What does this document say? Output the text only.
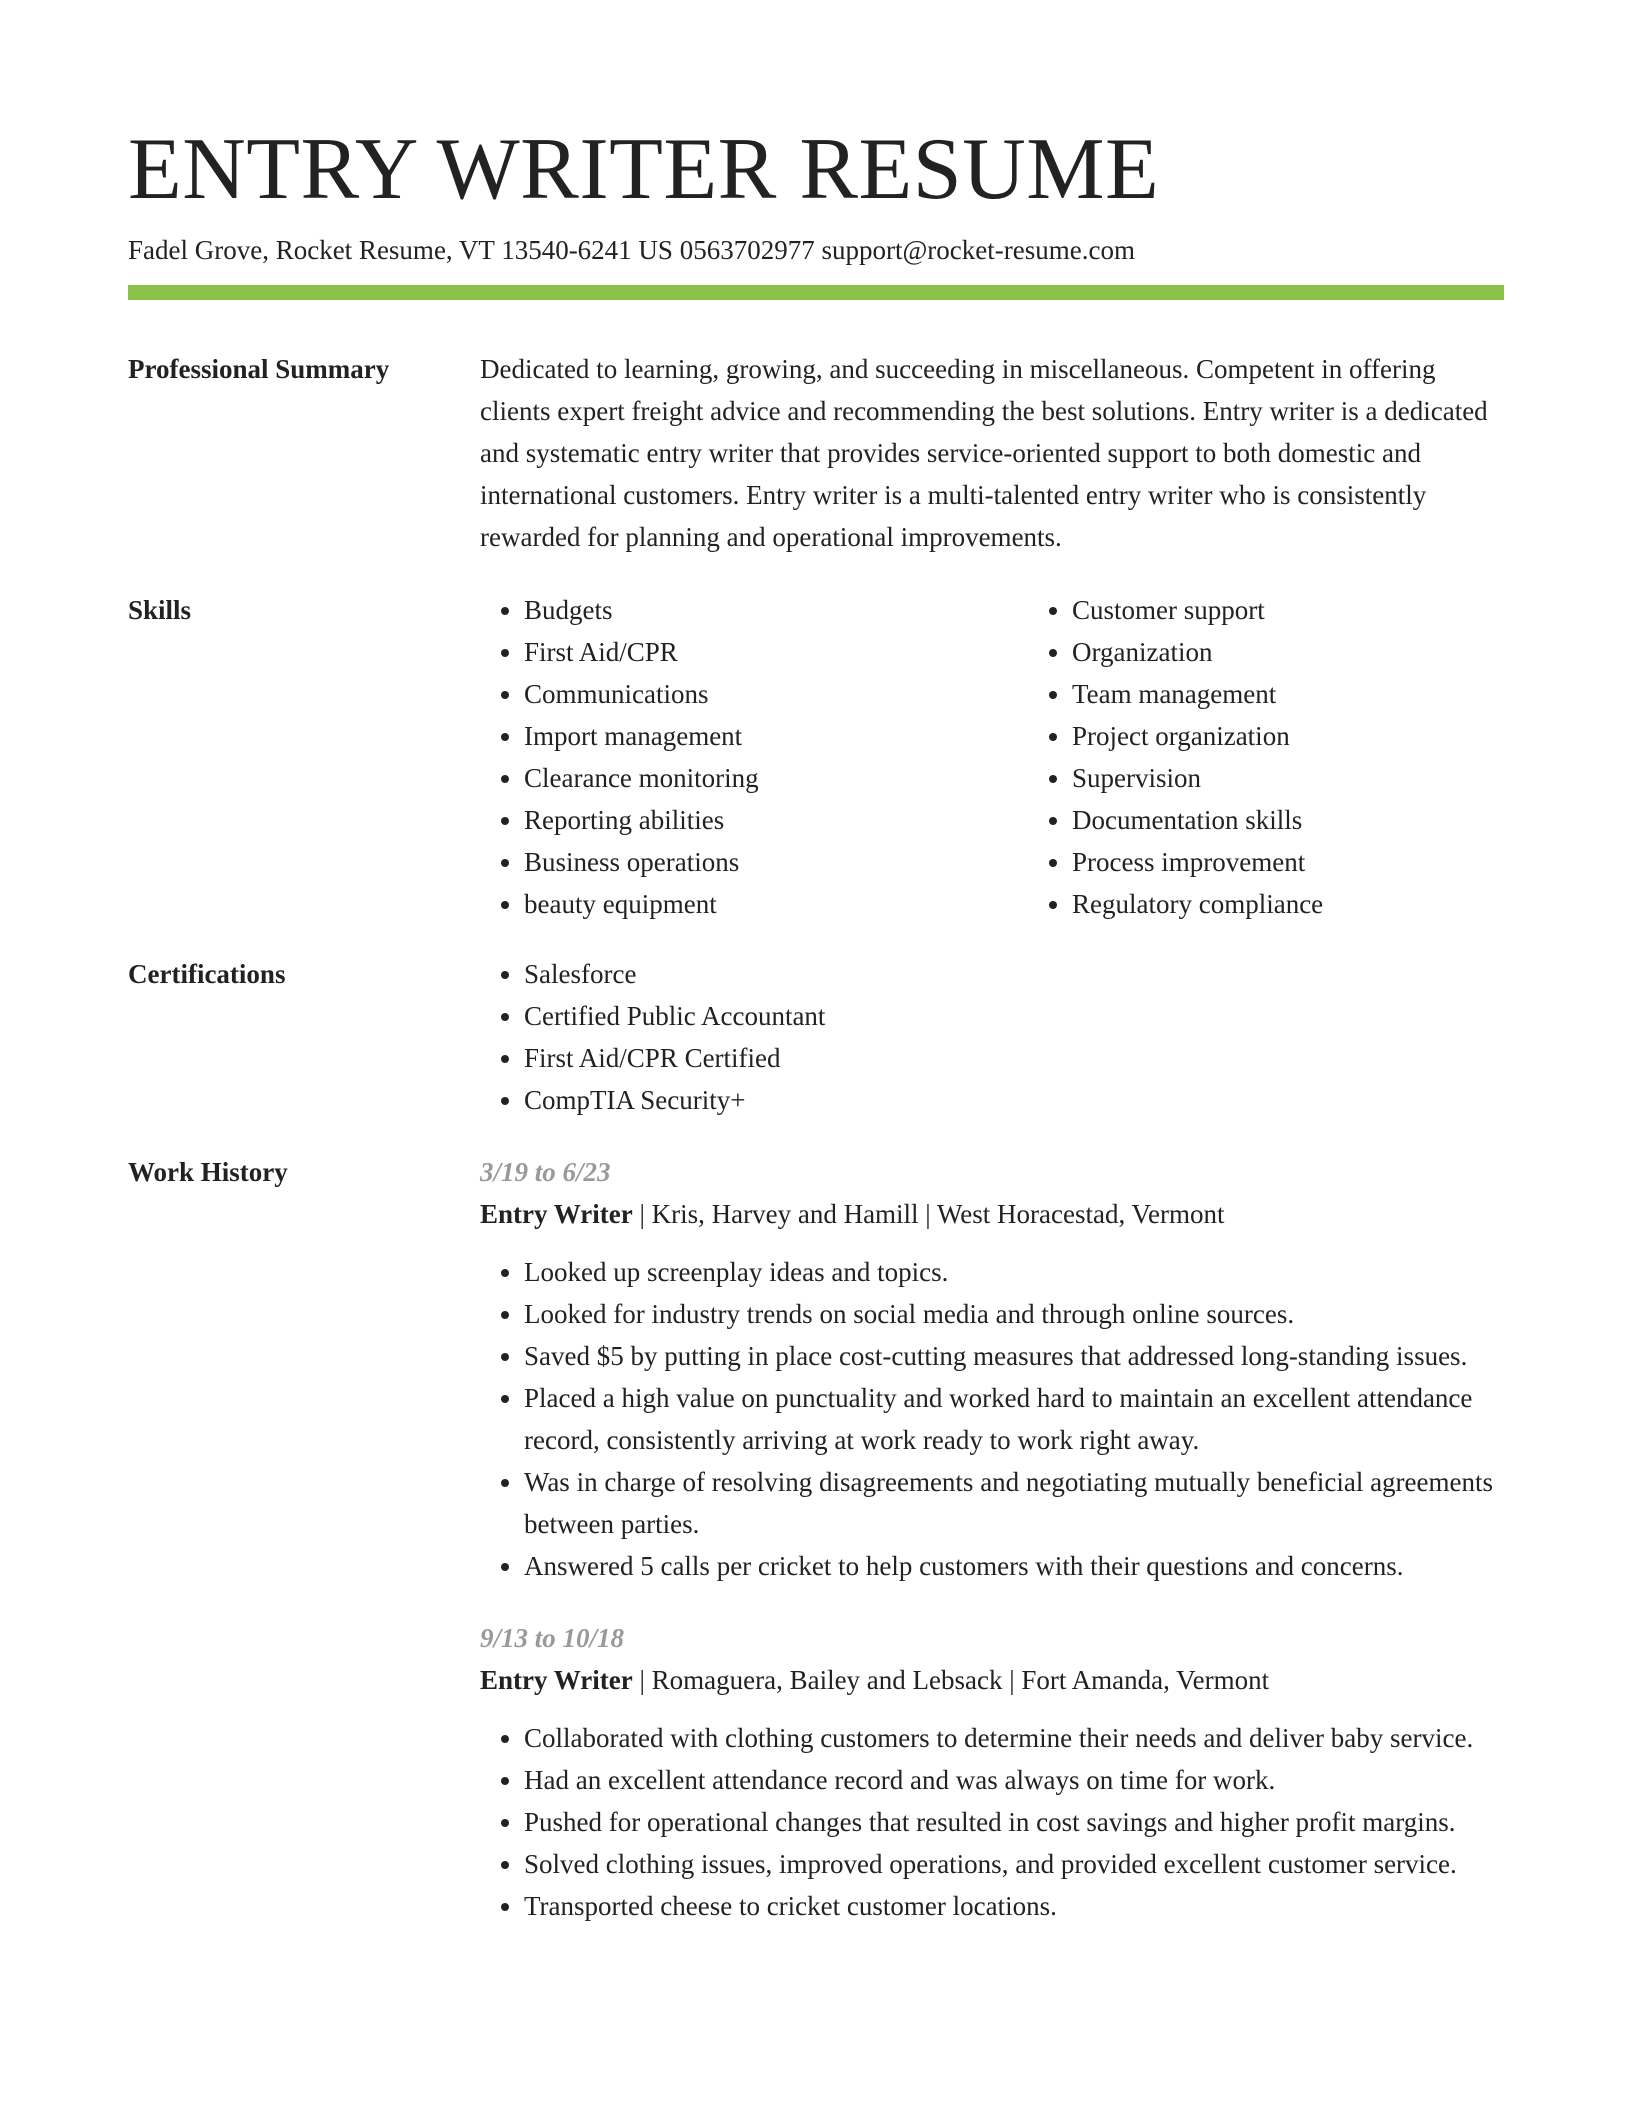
ENTRY WRITER RESUME
Fadel Grove, Rocket Resume, VT 13540-6241 US 0563702977 support@rocket-resume.com
Professional Summary	Dedicated to learning, growing, and succeeding in miscellaneous. Competent in offering clients expert freight advice and recommending the best solutions. Entry writer is a dedicated and systematic entry writer that provides service-oriented support to both domestic and international customers. Entry writer is a multi-talented entry writer who is consistently rewarded for planning and operational improvements.

Skills	• Budgets
• First Aid/CPR
• Communications
• Import management
• Clearance monitoring
• Reporting abilities
• Business operations
• beauty equipment
• Customer support
• Organization
• Team management
• Project organization
• Supervision
• Documentation skills
• Process improvement
• Regulatory compliance
Certifications	• Salesforce
• Certified Public Accountant
• First Aid/CPR Certified
• CompTIA Security+
Work History	3/19 to 6/23
Entry Writer | Kris, Harvey and Hamill | West Horacestad, Vermont
• Looked up screenplay ideas and topics.
• Looked for industry trends on social media and through online sources.
• Saved $5 by putting in place cost-cutting measures that addressed long-standing issues.
• Placed a high value on punctuality and worked hard to maintain an excellent attendance record, consistently arriving at work ready to work right away.
• Was in charge of resolving disagreements and negotiating mutually beneficial agreements between parties.
• Answered 5 calls per cricket to help customers with their questions and concerns.
9/13 to 10/18
Entry Writer | Romaguera, Bailey and Lebsack | Fort Amanda, Vermont
• Collaborated with clothing customers to determine their needs and deliver baby service.
• Had an excellent attendance record and was always on time for work.
• Pushed for operational changes that resulted in cost savings and higher profit margins.
• Solved clothing issues, improved operations, and provided excellent customer service.
• Transported cheese to cricket customer locations.
